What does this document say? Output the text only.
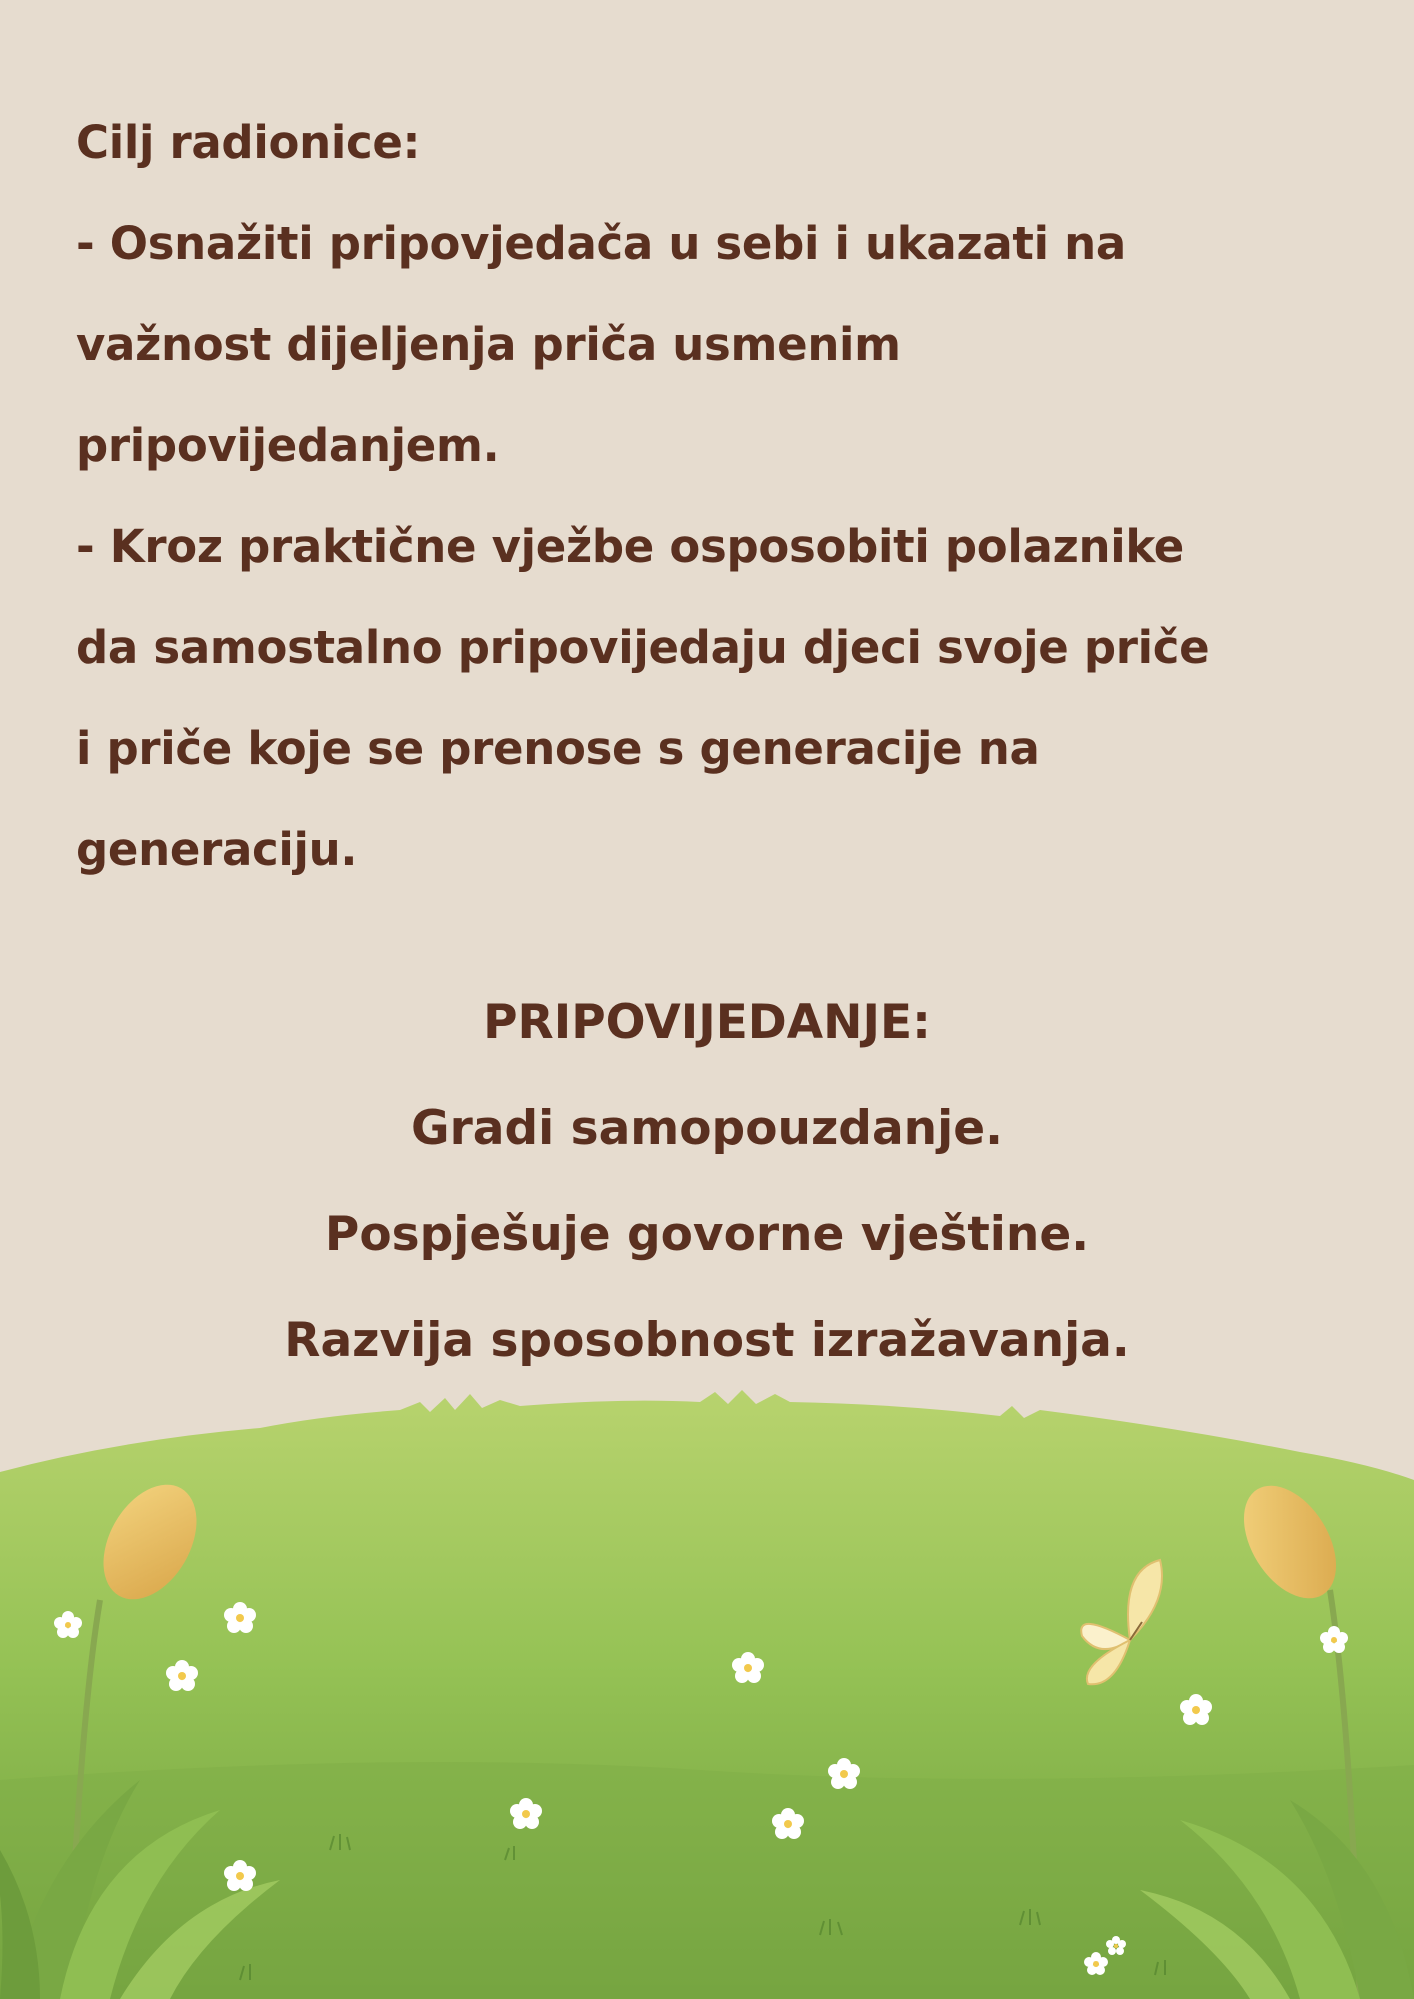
Cilj radionice:

- Osnažiti pripovjedača u sebi i ukazati na

važnost dijeljenja priča usmenim

pripovijedanjem.

- Kroz praktične vježbe osposobiti polaznike

da samostalno pripovijedaju djeci svoje priče

i priče koje se prenose s generacije na

generaciju.

PRIPOVIJEDANJE:

Gradi samopouzdanje.

Pospješuje govorne vještine.

Razvija sposobnost izražavanja.
